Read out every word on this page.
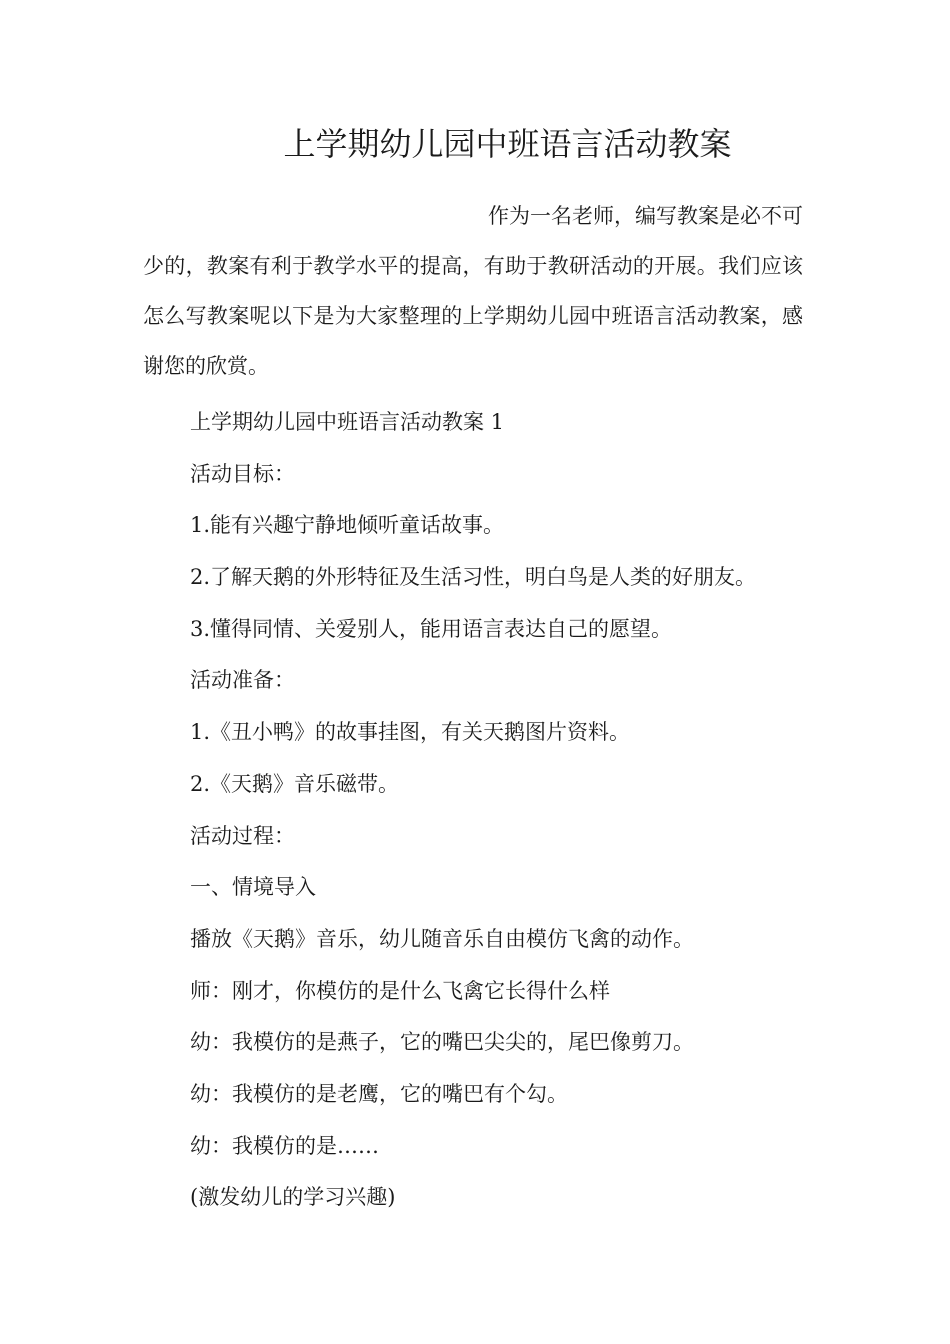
上学期幼儿园中班语言活动教案

作为一名老师，编写教案是必不可少的，教案有利于教学水平的提高，有助于教研活动的开展。我们应该怎么写教案呢以下是为大家整理的上学期幼儿园中班语言活动教案，感谢您的欣赏。

上学期幼儿园中班语言活动教案 1
活动目标：
1.能有兴趣宁静地倾听童话故事。
2.了解天鹅的外形特征及生活习性，明白鸟是人类的好朋友。
3.懂得同情、关爱别人，能用语言表达自己的愿望。
活动准备：
1.《丑小鸭》的故事挂图，有关天鹅图片资料。
2.《天鹅》音乐磁带。
活动过程：
一、情境导入
播放《天鹅》音乐，幼儿随音乐自由模仿飞禽的动作。
师：刚才，你模仿的是什么飞禽它长得什么样
幼：我模仿的是燕子，它的嘴巴尖尖的，尾巴像剪刀。
幼：我模仿的是老鹰，它的嘴巴有个勾。
幼：我模仿的是……
(激发幼儿的学习兴趣)
